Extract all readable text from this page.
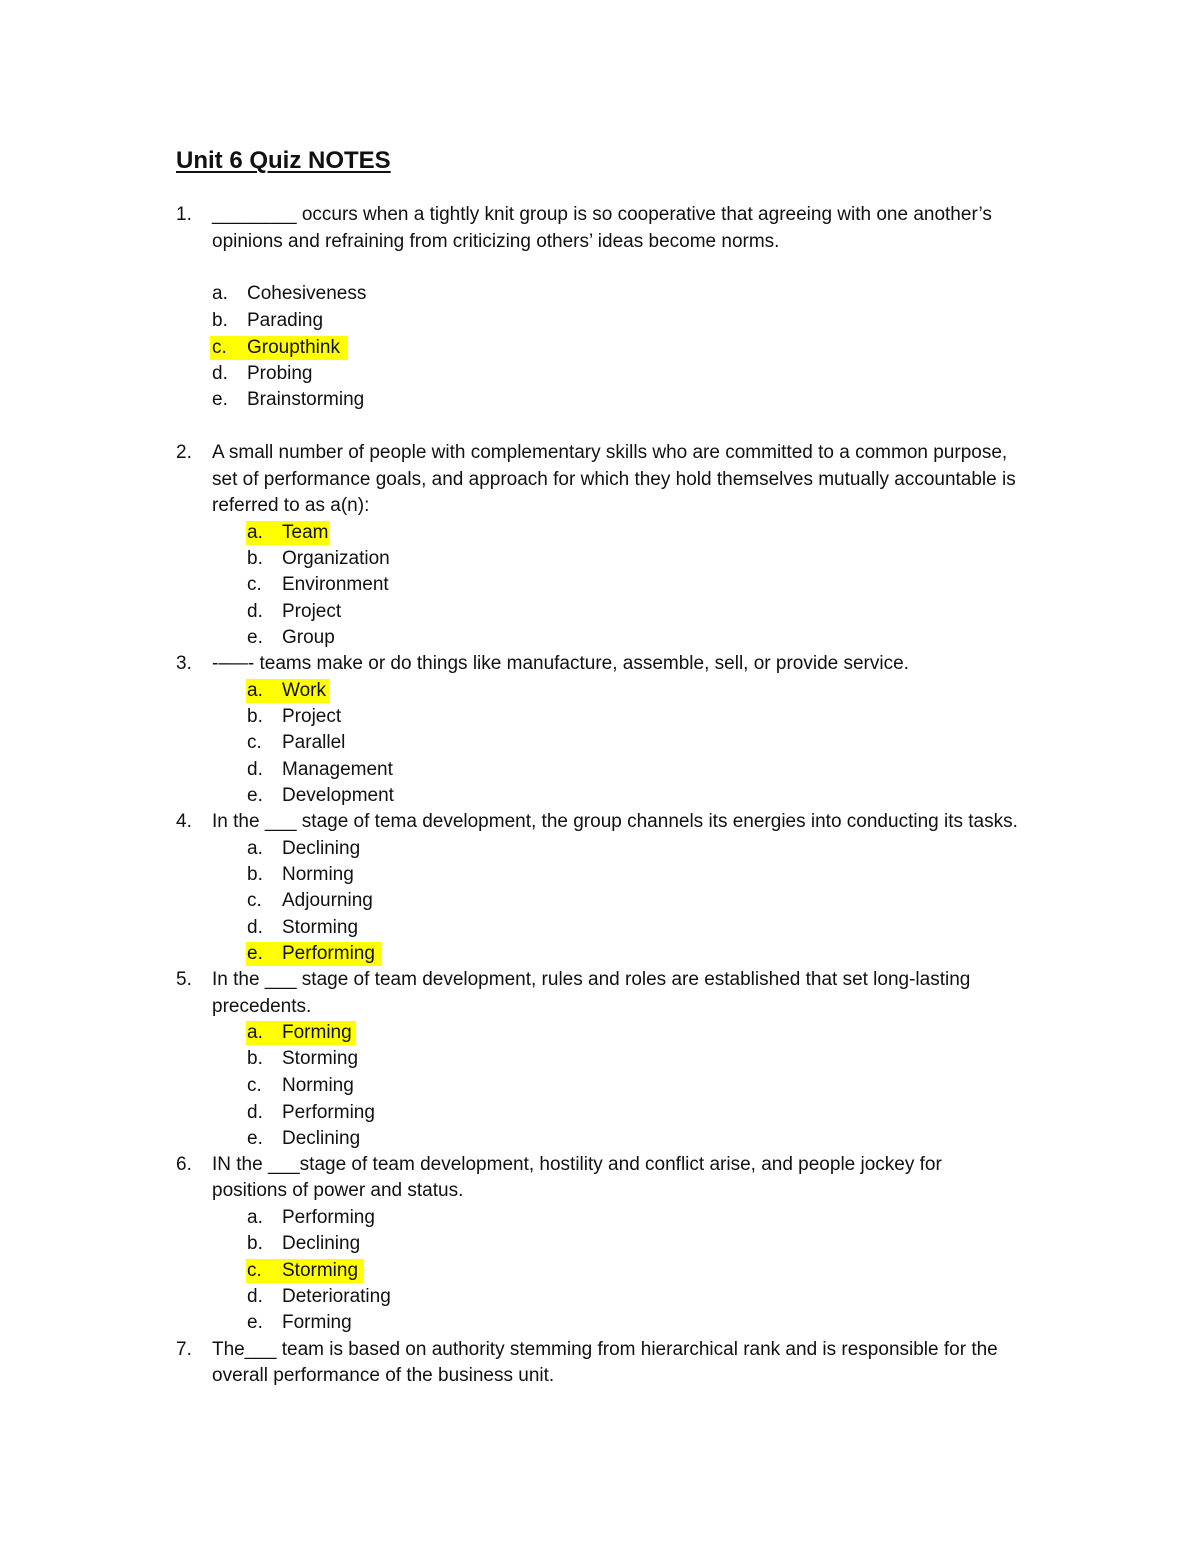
Unit 6 Quiz NOTES
1. ________ occurs when a tightly knit group is so cooperative that agreeing with one another’s
opinions and refraining from criticizing others’ ideas become norms.
a. Cohesiveness
b. Parading
c. Groupthink
d. Probing
e. Brainstorming
2. A small number of people with complementary skills who are committed to a common purpose,
set of performance goals, and approach for which they hold themselves mutually accountable is
referred to as a(n):
a. Team
b. Organization
c. Environment
d. Project
e. Group
3. -–—- teams make or do things like manufacture, assemble, sell, or provide service.
a. Work
b. Project
c. Parallel
d. Management
e. Development
4. In the ___ stage of tema development, the group channels its energies into conducting its tasks.
a. Declining
b. Norming
c. Adjourning
d. Storming
e. Performing
5. In the ___ stage of team development, rules and roles are established that set long-lasting
precedents.
a. Forming
b. Storming
c. Norming
d. Performing
e. Declining
6. IN the ___stage of team development, hostility and conflict arise, and people jockey for
positions of power and status.
a. Performing
b. Declining
c. Storming
d. Deteriorating
e. Forming
7. The___ team is based on authority stemming from hierarchical rank and is responsible for the
overall performance of the business unit.
